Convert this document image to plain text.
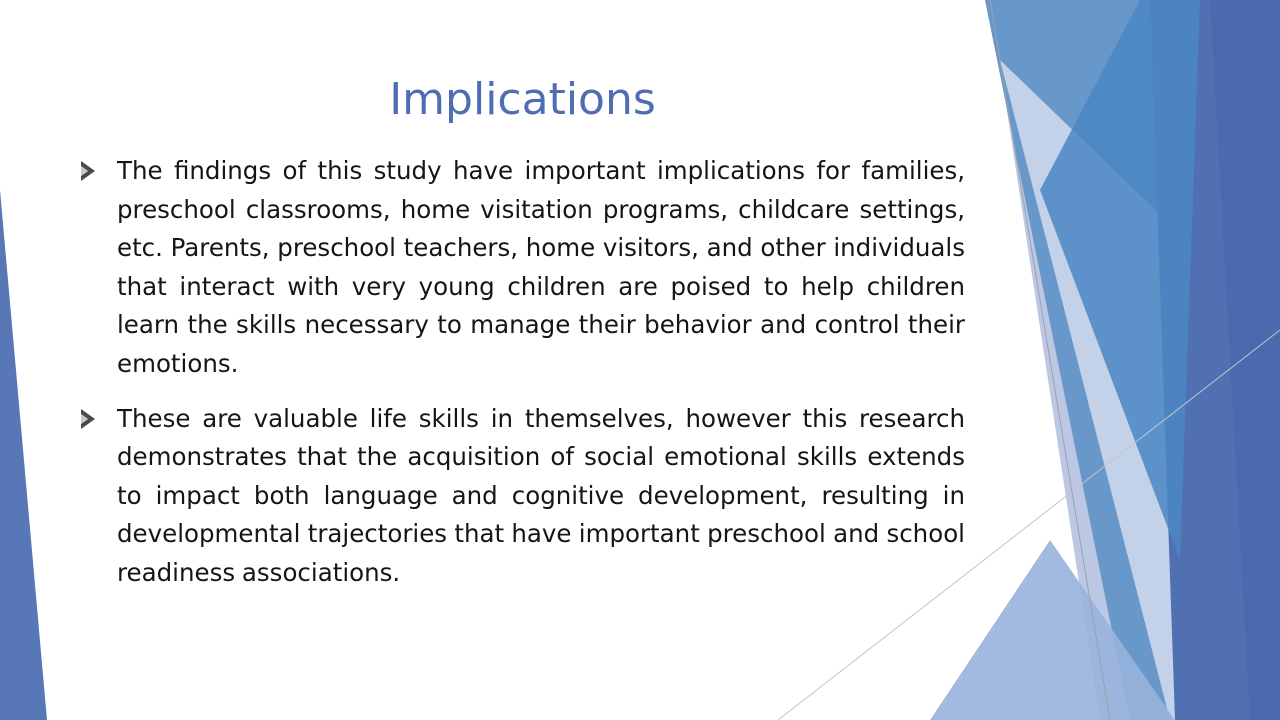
Implications
The findings of this study have important implications for families, preschool classrooms, home visitation programs, childcare settings, etc. Parents, preschool teachers, home visitors, and other individuals that interact with very young children are poised to help children learn the skills necessary to manage their behavior and control their emotions.
These are valuable life skills in themselves, however this research demonstrates that the acquisition of social emotional skills extends to impact both language and cognitive development, resulting in developmental trajectories that have important preschool and school readiness associations.
